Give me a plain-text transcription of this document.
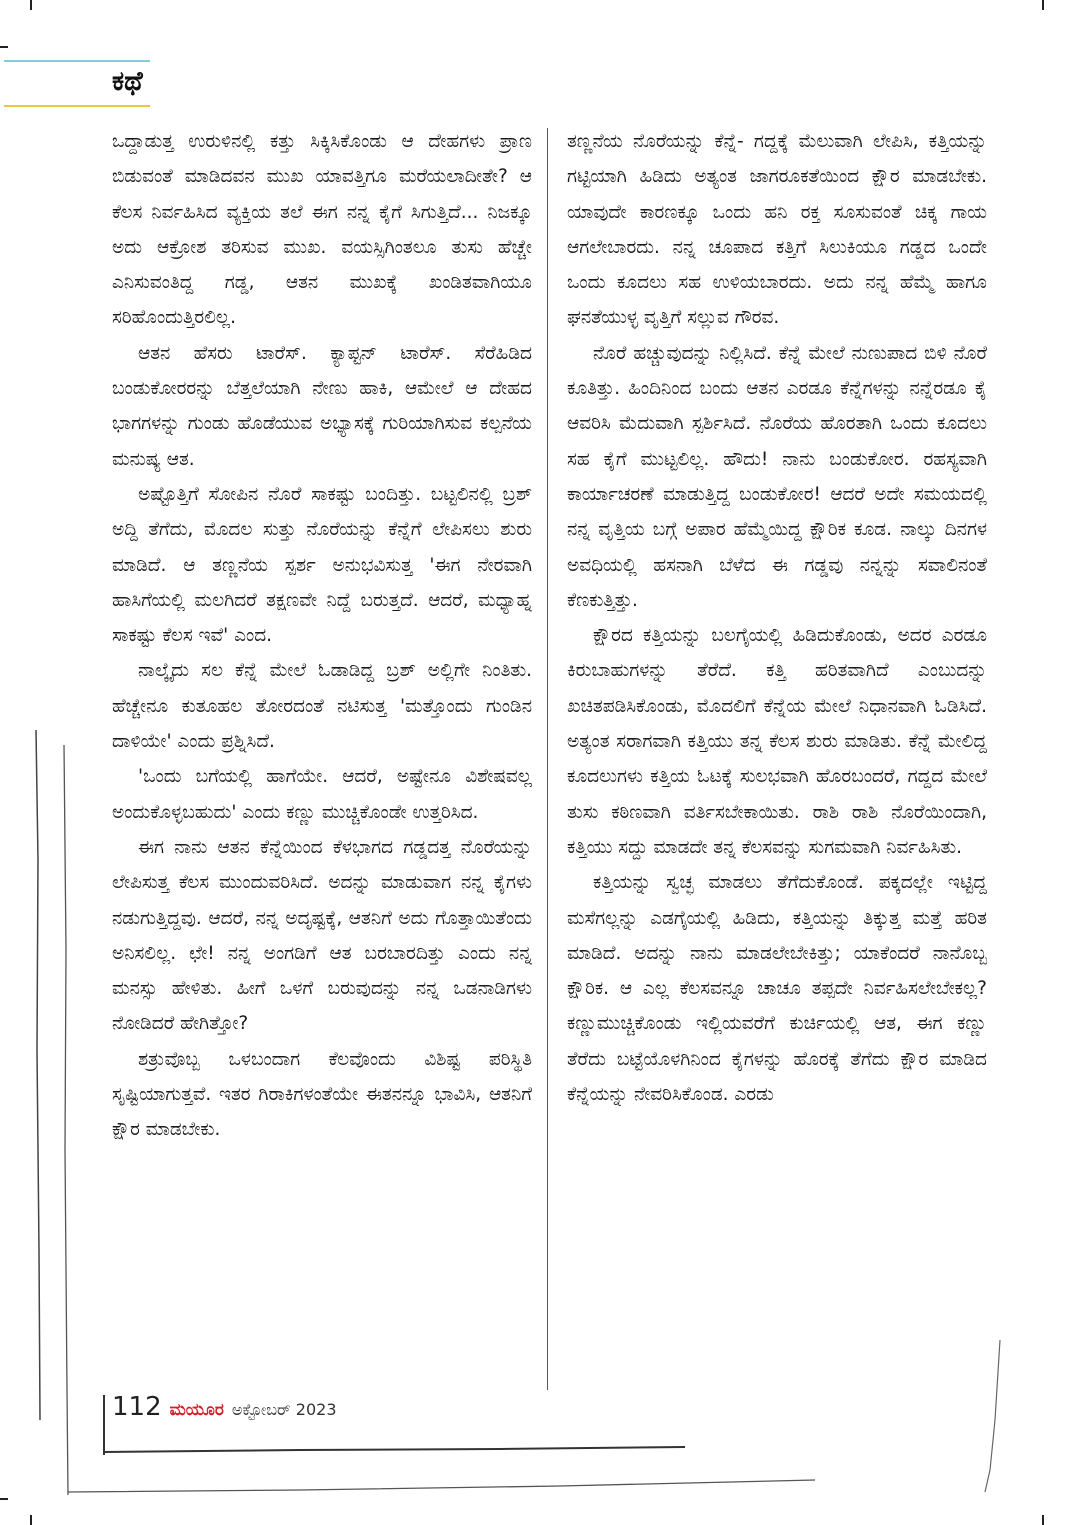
ಕಥೆ

ಒದ್ದಾಡುತ್ತ ಉರುಳಿನಲ್ಲಿ ಕತ್ತು ಸಿಕ್ಕಿಸಿಕೊಂಡು ಆ ದೇಹಗಳು ಪ್ರಾಣ ಬಿಡುವಂತೆ ಮಾಡಿದವನ ಮುಖ ಯಾವತ್ತಿಗೂ ಮರೆಯಲಾದೀತೇ? ಆ ಕೆಲಸ ನಿರ್ವಹಿಸಿದ ವ್ಯಕ್ತಿಯ ತಲೆ ಈಗ ನನ್ನ ಕೈಗೆ ಸಿಗುತ್ತಿದೆ... ನಿಜಕ್ಕೂ ಅದು ಆಕ್ರೋಶ ತರಿಸುವ ಮುಖ. ವಯಸ್ಸಿಗಿಂತಲೂ ತುಸು ಹೆಚ್ಚೇ ಎನಿಸುವಂತಿದ್ದ ಗಡ್ಡ, ಆತನ ಮುಖಕ್ಕೆ ಖಂಡಿತವಾಗಿಯೂ ಸರಿಹೊಂದುತ್ತಿರಲಿಲ್ಲ.

ಆತನ ಹೆಸರು ಟಾರೆಸ್. ಕ್ಯಾಪ್ಟನ್ ಟಾರೆಸ್. ಸೆರೆಹಿಡಿದ ಬಂಡುಕೋರರನ್ನು ಬೆತ್ತಲೆಯಾಗಿ ನೇಣು ಹಾಕಿ, ಆಮೇಲೆ ಆ ದೇಹದ ಭಾಗಗಳನ್ನು ಗುಂಡು ಹೊಡೆಯುವ ಅಭ್ಯಾಸಕ್ಕೆ ಗುರಿಯಾಗಿಸುವ ಕಲ್ಪನೆಯ ಮನುಷ್ಯ ಆತ.

ಅಷ್ಟೊತ್ತಿಗೆ ಸೋಪಿನ ನೊರೆ ಸಾಕಷ್ಟು ಬಂದಿತ್ತು. ಬಟ್ಟಲಿನಲ್ಲಿ ಬ್ರಶ್ ಅದ್ದಿ ತೆಗೆದು, ಮೊದಲ ಸುತ್ತು ನೊರೆಯನ್ನು ಕೆನ್ನೆಗೆ ಲೇಪಿಸಲು ಶುರು ಮಾಡಿದೆ. ಆ ತಣ್ಣನೆಯ ಸ್ಪರ್ಶ ಅನುಭವಿಸುತ್ತ 'ಈಗ ನೇರವಾಗಿ ಹಾಸಿಗೆಯಲ್ಲಿ ಮಲಗಿದರೆ ತಕ್ಷಣವೇ ನಿದ್ದೆ ಬರುತ್ತದೆ. ಆದರೆ, ಮಧ್ಯಾಹ್ನ ಸಾಕಷ್ಟು ಕೆಲಸ ಇವೆ' ಎಂದ.

ನಾಲ್ಕೈದು ಸಲ ಕೆನ್ನೆ ಮೇಲೆ ಓಡಾಡಿದ್ದ ಬ್ರಶ್ ಅಲ್ಲಿಗೇ ನಿಂತಿತು. ಹೆಚ್ಚೇನೂ ಕುತೂಹಲ ತೋರದಂತೆ ನಟಿಸುತ್ತ 'ಮತ್ತೊಂದು ಗುಂಡಿನ ದಾಳಿಯೇ' ಎಂದು ಪ್ರಶ್ನಿಸಿದೆ.

'ಒಂದು ಬಗೆಯಲ್ಲಿ ಹಾಗೆಯೇ. ಆದರೆ, ಅಷ್ಟೇನೂ ವಿಶೇಷವಲ್ಲ ಅಂದುಕೊಳ್ಳಬಹುದು' ಎಂದು ಕಣ್ಣು ಮುಚ್ಚಿಕೊಂಡೇ ಉತ್ತರಿಸಿದ.

ಈಗ ನಾನು ಆತನ ಕೆನ್ನೆಯಿಂದ ಕೆಳಭಾಗದ ಗಡ್ಡದತ್ತ ನೊರೆಯನ್ನು ಲೇಪಿಸುತ್ತ ಕೆಲಸ ಮುಂದುವರಿಸಿದೆ. ಅದನ್ನು ಮಾಡುವಾಗ ನನ್ನ ಕೈಗಳು ನಡುಗುತ್ತಿದ್ದವು. ಆದರೆ, ನನ್ನ ಅದೃಷ್ಟಕ್ಕೆ, ಆತನಿಗೆ ಅದು ಗೊತ್ತಾಯಿತೆಂದು ಅನಿಸಲಿಲ್ಲ. ಛೇ! ನನ್ನ ಅಂಗಡಿಗೆ ಆತ ಬರಬಾರದಿತ್ತು ಎಂದು ನನ್ನ ಮನಸ್ಸು ಹೇಳಿತು. ಹೀಗೆ ಒಳಗೆ ಬರುವುದನ್ನು ನನ್ನ ಒಡನಾಡಿಗಳು ನೋಡಿದರೆ ಹೇಗಿತ್ತೋ?

ಶತ್ರುವೊಬ್ಬ ಒಳಬಂದಾಗ ಕೆಲವೊಂದು ವಿಶಿಷ್ಟ ಪರಿಸ್ಥಿತಿ ಸೃಷ್ಟಿಯಾಗುತ್ತವೆ. ಇತರ ಗಿರಾಕಿಗಳಂತೆಯೇ ಈತನನ್ನೂ ಭಾವಿಸಿ, ಆತನಿಗೆ ಕ್ಷೌರ ಮಾಡಬೇಕು.

ತಣ್ಣನೆಯ ನೊರೆಯನ್ನು ಕೆನ್ನೆ- ಗದ್ದಕ್ಕೆ ಮೆಲುವಾಗಿ ಲೇಪಿಸಿ, ಕತ್ತಿಯನ್ನು ಗಟ್ಟಿಯಾಗಿ ಹಿಡಿದು ಅತ್ಯಂತ ಜಾಗರೂಕತೆಯಿಂದ ಕ್ಷೌರ ಮಾಡಬೇಕು. ಯಾವುದೇ ಕಾರಣಕ್ಕೂ ಒಂದು ಹನಿ ರಕ್ತ ಸೂಸುವಂತೆ ಚಿಕ್ಕ ಗಾಯ ಆಗಲೇಬಾರದು. ನನ್ನ ಚೂಪಾದ ಕತ್ತಿಗೆ ಸಿಲುಕಿಯೂ ಗಡ್ಡದ ಒಂದೇ ಒಂದು ಕೂದಲು ಸಹ ಉಳಿಯಬಾರದು. ಅದು ನನ್ನ ಹೆಮ್ಮೆ ಹಾಗೂ ಘನತೆಯುಳ್ಳ ವೃತ್ತಿಗೆ ಸಲ್ಲುವ ಗೌರವ.

ನೊರೆ ಹಚ್ಚುವುದನ್ನು ನಿಲ್ಲಿಸಿದೆ. ಕೆನ್ನೆ ಮೇಲೆ ನುಣುಪಾದ ಬಿಳಿ ನೊರೆ ಕೂತಿತ್ತು. ಹಿಂದಿನಿಂದ ಬಂದು ಆತನ ಎರಡೂ ಕೆನ್ನೆಗಳನ್ನು ನನ್ನೆರಡೂ ಕೈ ಆವರಿಸಿ ಮೆದುವಾಗಿ ಸ್ಪರ್ಶಿಸಿದೆ. ನೊರೆಯ ಹೊರತಾಗಿ ಒಂದು ಕೂದಲು ಸಹ ಕೈಗೆ ಮುಟ್ಟಲಿಲ್ಲ. ಹೌದು! ನಾನು ಬಂಡುಕೋರ. ರಹಸ್ಯವಾಗಿ ಕಾರ್ಯಾಚರಣೆ ಮಾಡುತ್ತಿದ್ದ ಬಂಡುಕೋರ! ಆದರೆ ಅದೇ ಸಮಯದಲ್ಲಿ ನನ್ನ ವೃತ್ತಿಯ ಬಗ್ಗೆ ಅಪಾರ ಹೆಮ್ಮೆಯಿದ್ದ ಕ್ಷೌರಿಕ ಕೂಡ. ನಾಲ್ಕು ದಿನಗಳ ಅವಧಿಯಲ್ಲಿ ಹಸನಾಗಿ ಬೆಳೆದ ಈ ಗಡ್ಡವು ನನ್ನನ್ನು ಸವಾಲಿನಂತೆ ಕೆಣಕುತ್ತಿತ್ತು.

ಕ್ಷೌರದ ಕತ್ತಿಯನ್ನು ಬಲಗೈಯಲ್ಲಿ ಹಿಡಿದುಕೊಂಡು, ಅದರ ಎರಡೂ ಕಿರುಬಾಹುಗಳನ್ನು ತೆರೆದೆ. ಕತ್ತಿ ಹರಿತವಾಗಿದೆ ಎಂಬುದನ್ನು ಖಚಿತಪಡಿಸಿಕೊಂಡು, ಮೊದಲಿಗೆ ಕೆನ್ನೆಯ ಮೇಲೆ ನಿಧಾನವಾಗಿ ಓಡಿಸಿದೆ. ಅತ್ಯಂತ ಸರಾಗವಾಗಿ ಕತ್ತಿಯು ತನ್ನ ಕೆಲಸ ಶುರು ಮಾಡಿತು. ಕೆನ್ನೆ ಮೇಲಿದ್ದ ಕೂದಲುಗಳು ಕತ್ತಿಯ ಓಟಕ್ಕೆ ಸುಲಭವಾಗಿ ಹೊರಬಂದರೆ, ಗದ್ದದ ಮೇಲೆ ತುಸು ಕಠಿಣವಾಗಿ ವರ್ತಿಸಬೇಕಾಯಿತು. ರಾಶಿ ರಾಶಿ ನೊರೆಯಿಂದಾಗಿ, ಕತ್ತಿಯು ಸದ್ದು ಮಾಡದೇ ತನ್ನ ಕೆಲಸವನ್ನು ಸುಗಮವಾಗಿ ನಿರ್ವಹಿಸಿತು.

ಕತ್ತಿಯನ್ನು ಸ್ವಚ್ಛ ಮಾಡಲು ತೆಗೆದುಕೊಂಡೆ. ಪಕ್ಕದಲ್ಲೇ ಇಟ್ಟಿದ್ದ ಮಸೆಗಲ್ಲನ್ನು ಎಡಗೈಯಲ್ಲಿ ಹಿಡಿದು, ಕತ್ತಿಯನ್ನು ತಿಕ್ಕುತ್ತ ಮತ್ತೆ ಹರಿತ ಮಾಡಿದೆ. ಅದನ್ನು ನಾನು ಮಾಡಲೇಬೇಕಿತ್ತು; ಯಾಕೆಂದರೆ ನಾನೊಬ್ಬ ಕ್ಷೌರಿಕ. ಆ ಎಲ್ಲ ಕೆಲಸವನ್ನೂ ಚಾಚೂ ತಪ್ಪದೇ ನಿರ್ವಹಿಸಲೇಬೇಕಲ್ಲ? ಕಣ್ಣುಮುಚ್ಚಿಕೊಂಡು ಇಲ್ಲಿಯವರೆಗೆ ಕುರ್ಚಿಯಲ್ಲಿ ಆತ, ಈಗ ಕಣ್ಣು ತೆರೆದು ಬಟ್ಟೆಯೊಳಗಿನಿಂದ ಕೈಗಳನ್ನು ಹೊರಕ್ಕೆ ತೆಗೆದು ಕ್ಷೌರ ಮಾಡಿದ ಕೆನ್ನೆಯನ್ನು ನೇವರಿಸಿಕೊಂಡ. ಎರಡು

112 ಮಯೂರ ಅಕ್ಟೋಬರ್ 2023
